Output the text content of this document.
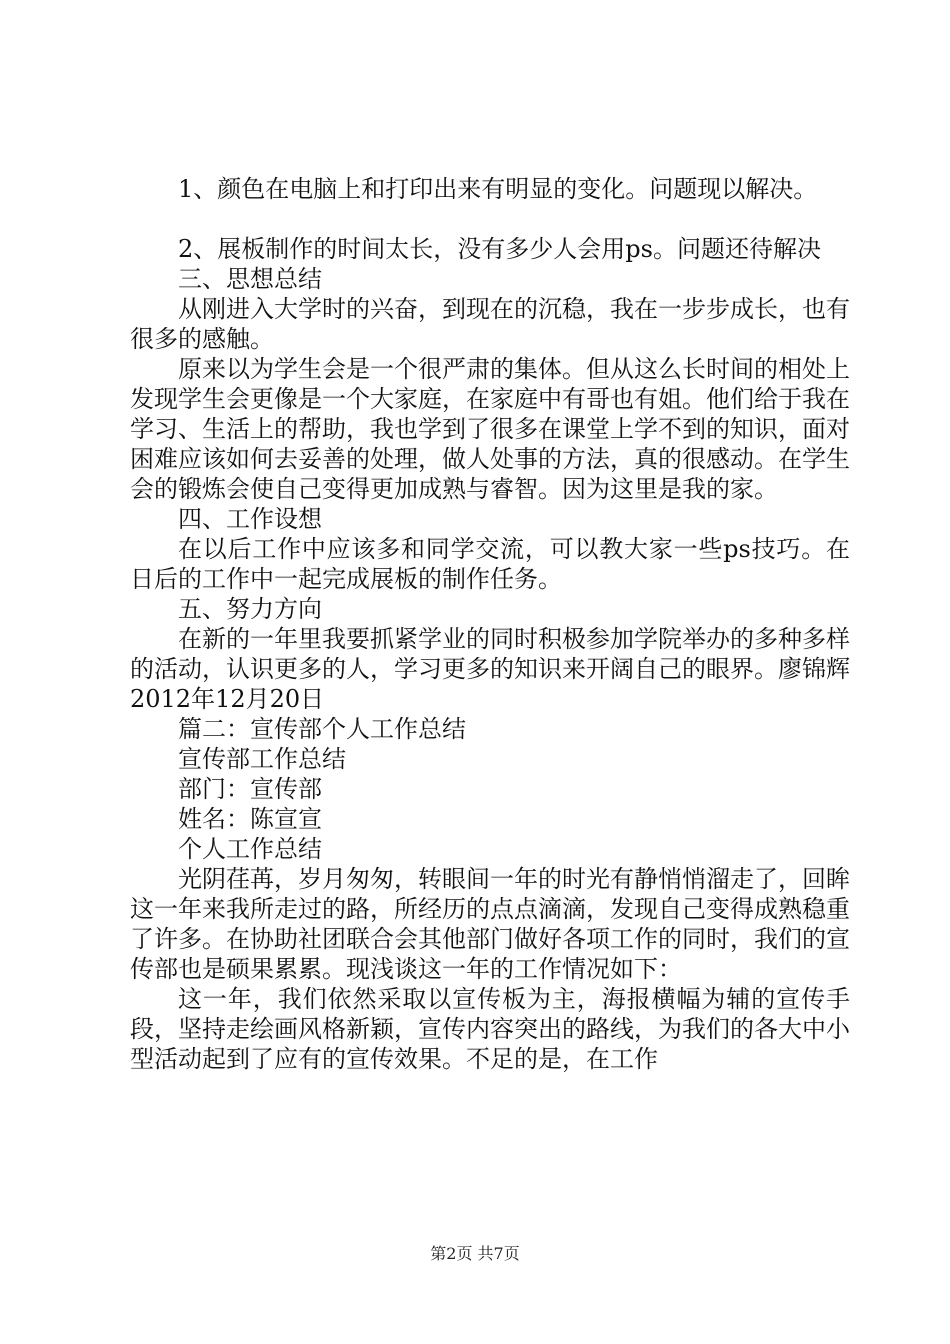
1、颜色在电脑上和打印出来有明显的变化。问题现以解决。

2、展板制作的时间太长，没有多少人会用ps。问题还待解决

三、思想总结

从刚进入大学时的兴奋，到现在的沉稳，我在一步步成长，也有很多的感触。

原来以为学生会是一个很严肃的集体。但从这么长时间的相处上发现学生会更像是一个大家庭，在家庭中有哥也有姐。他们给于我在学习、生活上的帮助，我也学到了很多在课堂上学不到的知识，面对困难应该如何去妥善的处理，做人处事的方法，真的很感动。在学生会的锻炼会使自己变得更加成熟与睿智。因为这里是我的家。

四、工作设想

在以后工作中应该多和同学交流，可以教大家一些ps技巧。在日后的工作中一起完成展板的制作任务。

五、努力方向

在新的一年里我要抓紧学业的同时积极参加学院举办的多种多样的活动，认识更多的人，学习更多的知识来开阔自己的眼界。廖锦辉2012年12月20日

篇二：宣传部个人工作总结

宣传部工作总结

部门：宣传部

姓名：陈宣宣

个人工作总结

光阴荏苒，岁月匆匆，转眼间一年的时光有静悄悄溜走了，回眸这一年来我所走过的路，所经历的点点滴滴，发现自己变得成熟稳重了许多。在协助社团联合会其他部门做好各项工作的同时，我们的宣传部也是硕果累累。现浅谈这一年的工作情况如下：

这一年，我们依然采取以宣传板为主，海报横幅为辅的宣传手段，坚持走绘画风格新颖，宣传内容突出的路线，为我们的各大中小型活动起到了应有的宣传效果。不足的是，在工作

第2页 共7页
